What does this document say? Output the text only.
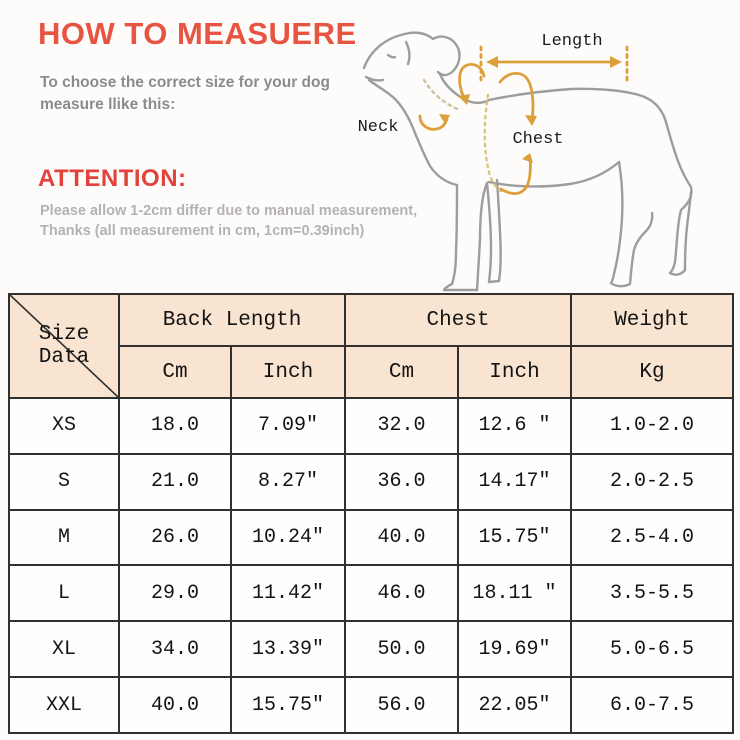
HOW TO MEASUERE
To choose the correct size for your dog
measure llike this:
ATTENTION:
Please allow 1-2cm differ due to manual measurement,
Thanks (all measurement in cm, 1cm=0.39inch)
Length
Neck
Chest
Size Data	Back Length		Chest		Weight
	Cm	Inch	Cm	Inch	Kg
XS	18.0	7.09″	32.0	12.6 ″	1.0-2.0
S	21.0	8.27″	36.0	14.17″	2.0-2.5
M	26.0	10.24″	40.0	15.75″	2.5-4.0
L	29.0	11.42″	46.0	18.11 ″	3.5-5.5
XL	34.0	13.39″	50.0	19.69″	5.0-6.5
XXL	40.0	15.75″	56.0	22.05″	6.0-7.5
